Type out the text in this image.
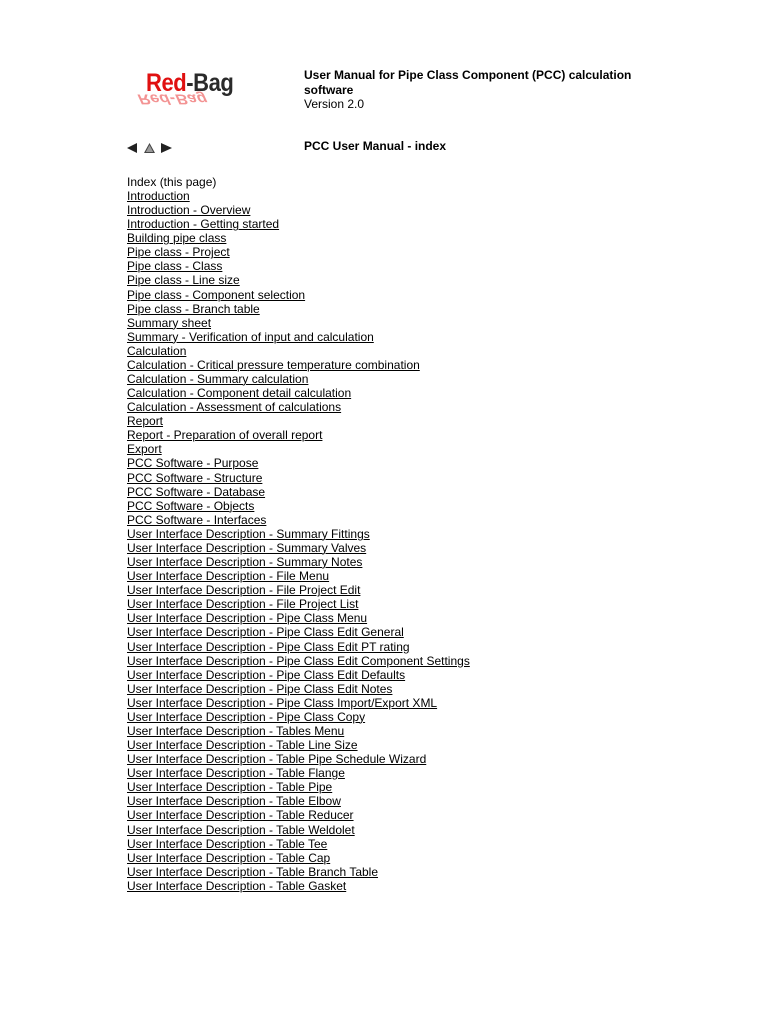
Red-Bag
Red-Bag
User Manual for Pipe Class Component (PCC) calculation software
Version 2.0
PCC User Manual - index
Index (this page)
Introduction
Introduction - Overview
Introduction - Getting started
Building pipe class
Pipe class - Project
Pipe class - Class
Pipe class - Line size
Pipe class - Component selection
Pipe class - Branch table
Summary sheet
Summary - Verification of input and calculation
Calculation
Calculation - Critical pressure temperature combination
Calculation - Summary calculation
Calculation - Component detail calculation
Calculation - Assessment of calculations
Report
Report - Preparation of overall report
Export
PCC Software - Purpose
PCC Software - Structure
PCC Software - Database
PCC Software - Objects
PCC Software - Interfaces
User Interface Description - Summary Fittings
User Interface Description - Summary Valves
User Interface Description - Summary Notes
User Interface Description - File Menu
User Interface Description - File Project Edit
User Interface Description - File Project List
User Interface Description - Pipe Class Menu
User Interface Description - Pipe Class Edit General
User Interface Description - Pipe Class Edit PT rating
User Interface Description - Pipe Class Edit Component Settings
User Interface Description - Pipe Class Edit Defaults
User Interface Description - Pipe Class Edit Notes
User Interface Description - Pipe Class Import/Export XML
User Interface Description - Pipe Class Copy
User Interface Description - Tables Menu
User Interface Description - Table Line Size
User Interface Description - Table Pipe Schedule Wizard
User Interface Description - Table Flange
User Interface Description - Table Pipe
User Interface Description - Table Elbow
User Interface Description - Table Reducer
User Interface Description - Table Weldolet
User Interface Description - Table Tee
User Interface Description - Table Cap
User Interface Description - Table Branch Table
User Interface Description - Table Gasket
